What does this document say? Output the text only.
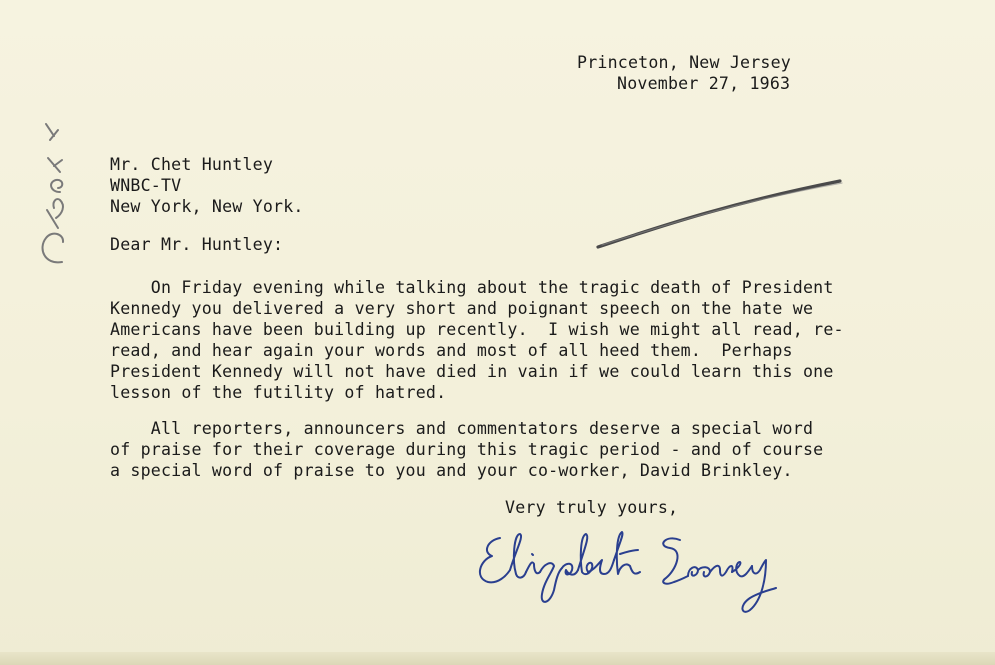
Princeton, New Jersey
November 27, 1963
Mr. Chet Huntley
WNBC-TV
New York, New York.
Dear Mr. Huntley:
On Friday evening while talking about the tragic death of President
Kennedy you delivered a very short and poignant speech on the hate we
Americans have been building up recently.  I wish we might all read, re-
read, and hear again your words and most of all heed them.  Perhaps
President Kennedy will not have died in vain if we could learn this one
lesson of the futility of hatred.
All reporters, announcers and commentators deserve a special word
of praise for their coverage during this tragic period - and of course
a special word of praise to you and your co-worker, David Brinkley.
Very truly yours,
